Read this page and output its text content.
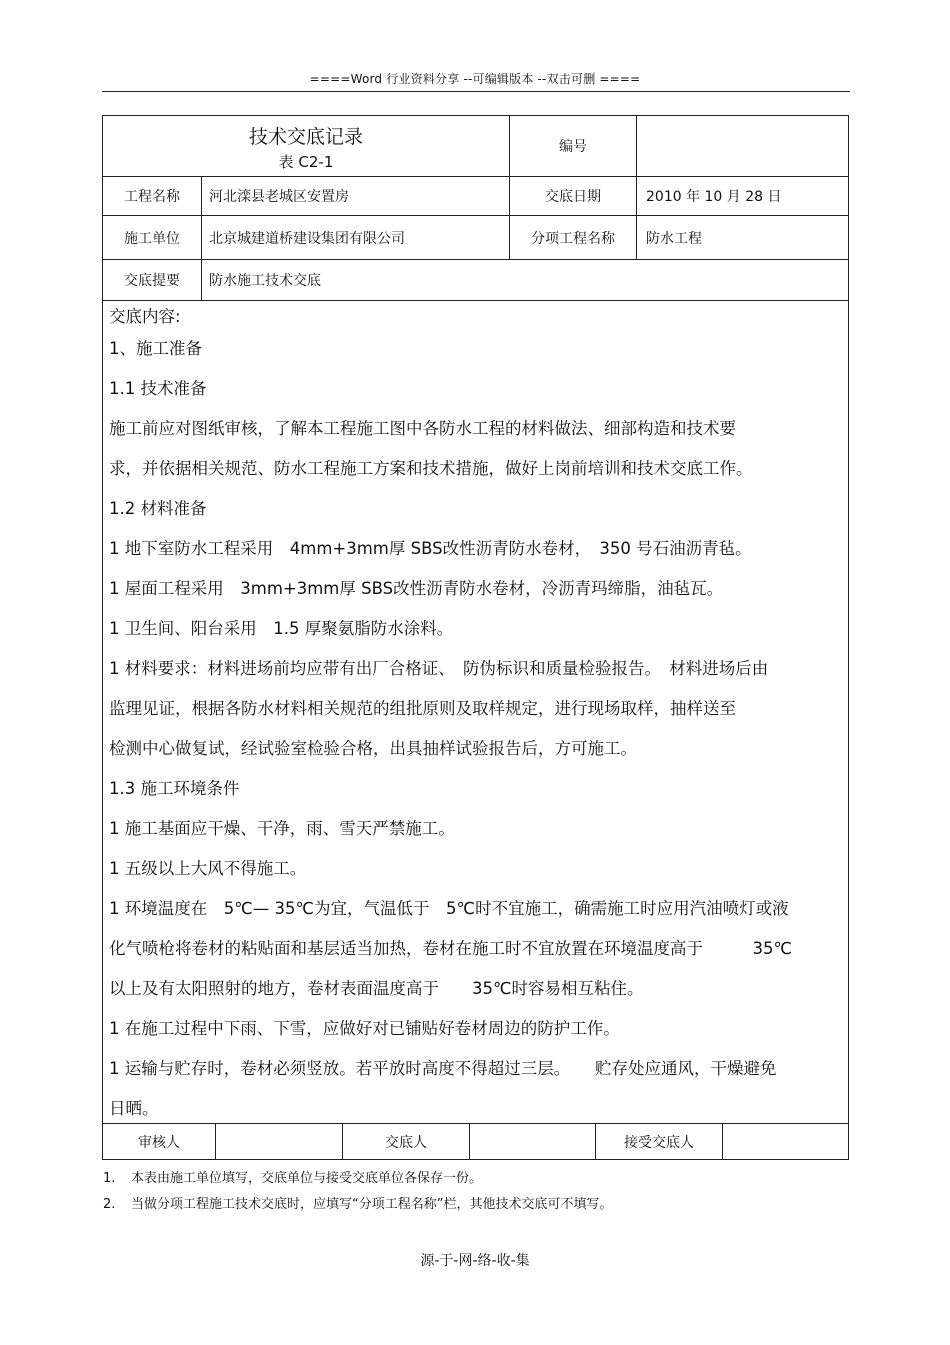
====Word 行业资料分享 --可编辑版本 --双击可删 ====
技术交底记录
表 C2-1
编号
工程名称	河北滦县老城区安置房	交底日期	2010 年 10 月 28 日
施工单位	北京城建道桥建设集团有限公司	分项工程名称	防水工程
交底提要	防水施工技术交底
交底内容:
1、施工准备
1.1 技术准备
施工前应对图纸审核，了解本工程施工图中各防水工程的材料做法、细部构造和技术要
求，并依据相关规范、防水工程施工方案和技术措施，做好上岗前培训和技术交底工作。
1.2 材料准备
1 地下室防水工程采用　4mm+3mm厚 SBS改性沥青防水卷材，　350 号石油沥青毡。
1 屋面工程采用　3mm+3mm厚 SBS改性沥青防水卷材，冷沥青玛缔脂，油毡瓦。
1 卫生间、阳台采用　1.5 厚聚氨脂防水涂料。
1 材料要求：材料进场前均应带有出厂合格证、　防伪标识和质量检验报告。　材料进场后由
监理见证，根据各防水材料相关规范的组批原则及取样规定，进行现场取样，抽样送至
检测中心做复试，经试验室检验合格，出具抽样试验报告后，方可施工。
1.3 施工环境条件
1 施工基面应干燥、干净，雨、雪天严禁施工。
1 五级以上大风不得施工。
1 环境温度在　5℃— 35℃为宜，气温低于　5℃时不宜施工，确需施工时应用汽油喷灯或液
化气喷枪将卷材的粘贴面和基层适当加热，卷材在施工时不宜放置在环境温度高于　　　35℃
以上及有太阳照射的地方，卷材表面温度高于　　35℃时容易相互粘住。
1 在施工过程中下雨、下雪，应做好对已铺贴好卷材周边的防护工作。
1 运输与贮存时，卷材必须竖放。若平放时高度不得超过三层。　　贮存处应通风，干燥避免
日晒。
审核人	交底人	接受交底人
1. 本表由施工单位填写，交底单位与接受交底单位各保存一份。
2. 当做分项工程施工技术交底时，应填写“分项工程名称”栏，其他技术交底可不填写。
源-于-网-络-收-集
